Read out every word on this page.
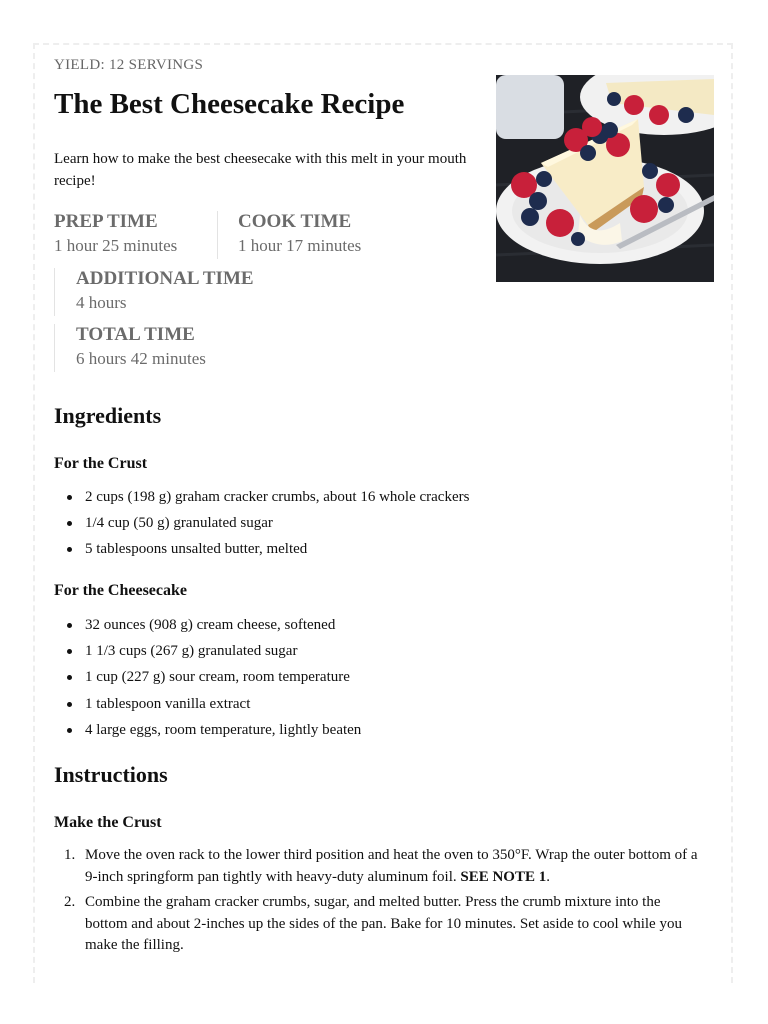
YIELD: 12 SERVINGS
The Best Cheesecake Recipe
Learn how to make the best cheesecake with this melt in your mouth recipe!
PREP TIME
1 hour 25 minutes
COOK TIME
1 hour 17 minutes
ADDITIONAL TIME
4 hours
TOTAL TIME
6 hours 42 minutes
Ingredients
For the Crust
2 cups (198 g) graham cracker crumbs, about 16 whole crackers
1/4 cup (50 g) granulated sugar
5 tablespoons unsalted butter, melted
For the Cheesecake
32 ounces (908 g) cream cheese, softened
1 1/3 cups (267 g) granulated sugar
1 cup (227 g) sour cream, room temperature
1 tablespoon vanilla extract
4 large eggs, room temperature, lightly beaten
Instructions
Make the Crust
1. Move the oven rack to the lower third position and heat the oven to 350°F. Wrap the outer bottom of a 9-inch springform pan tightly with heavy-duty aluminum foil. SEE NOTE 1.
2. Combine the graham cracker crumbs, sugar, and melted butter. Press the crumb mixture into the bottom and about 2-inches up the sides of the pan. Bake for 10 minutes. Set aside to cool while you make the filling.
